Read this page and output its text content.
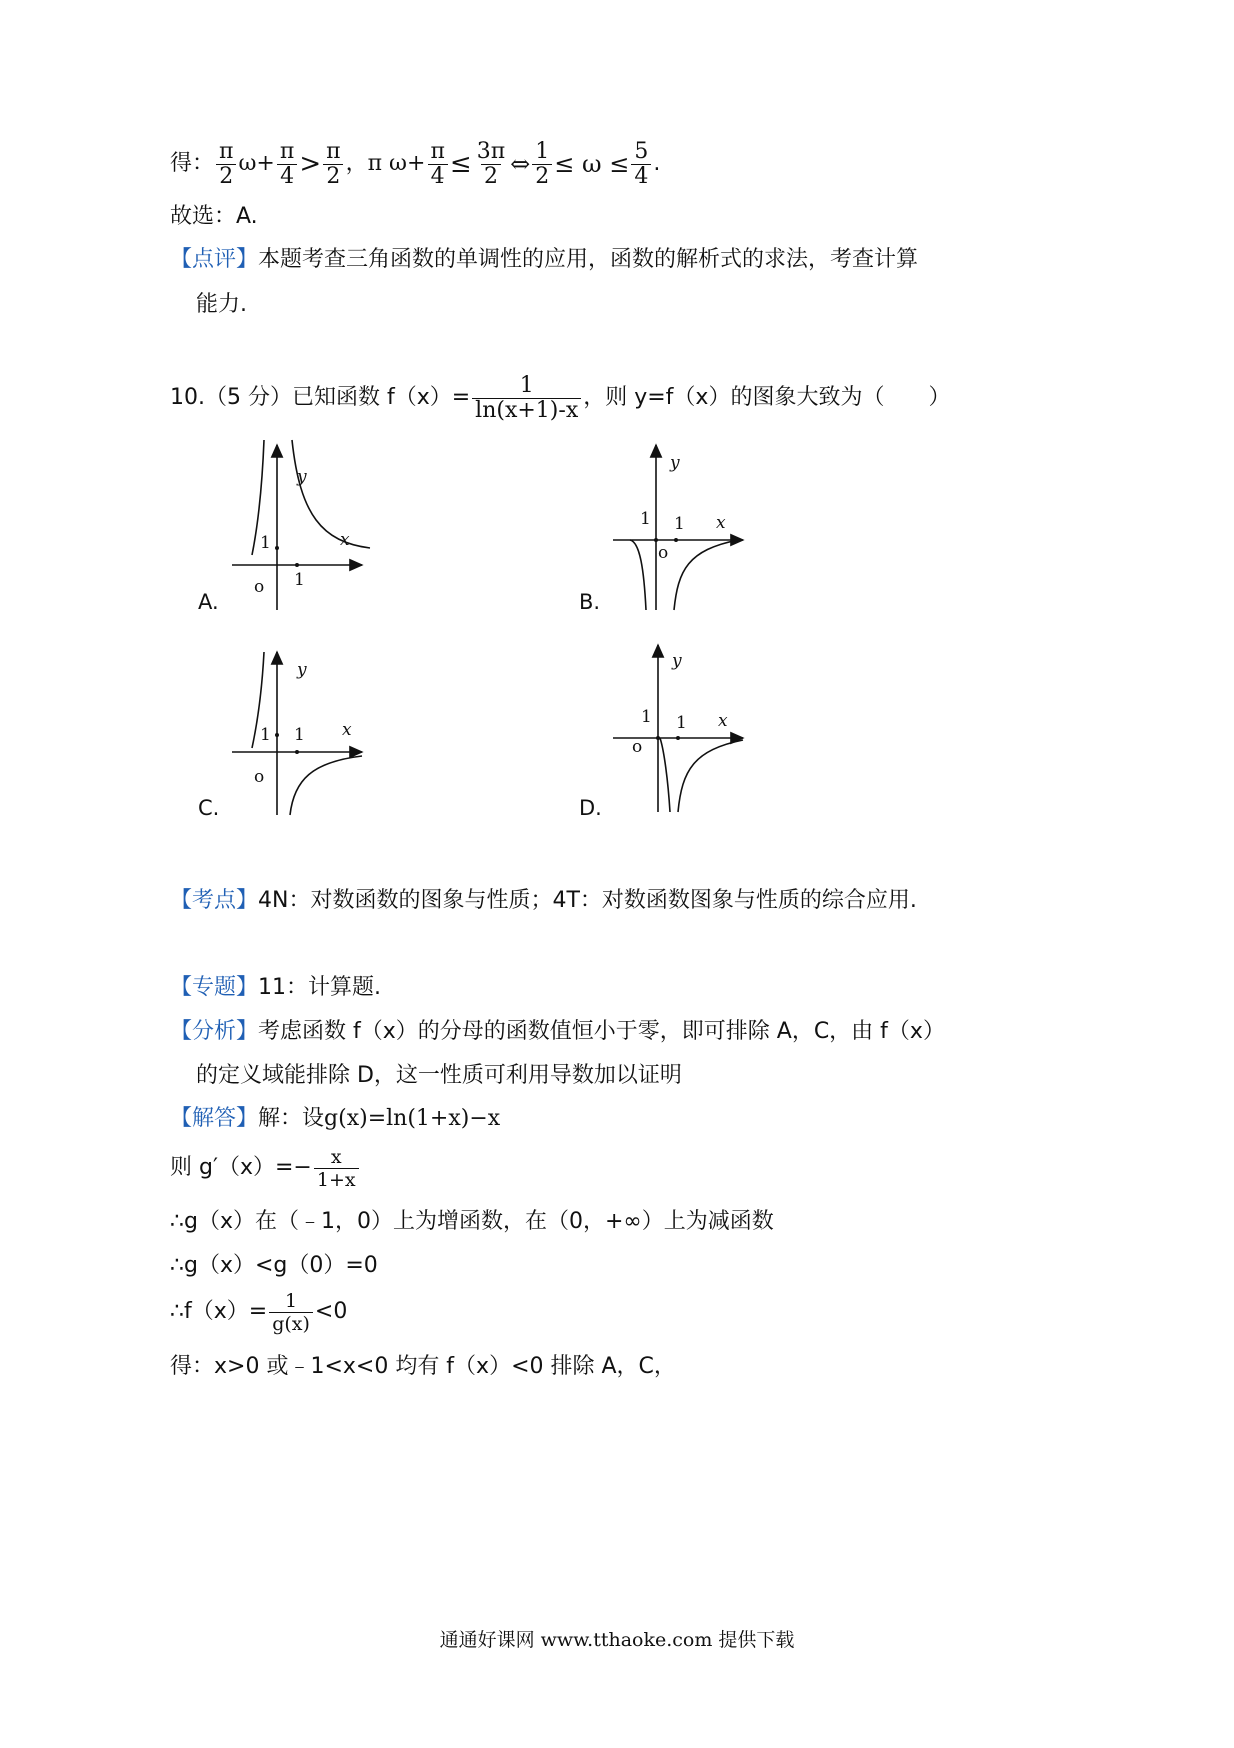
得： $\frac{\pi}{2} \omega+ \frac{\pi}{4} > \frac{\pi}{2}$ ， π $\omega+ \frac{\pi}{4} \le \frac{3\pi}{2}$ ⇔ $\frac{1}{2} \le \omega \le \frac{5}{4}$ .
故选：A.
【点评】本题考查三角函数的单调性的应用，函数的解析式的求法，考查计算
能力.
10.（5 分）已知函数 $f(x)= \frac{1}{\ln(x+1)-x}$ ，则 y=f（x）的图象大致为（　　）
y
x
1
1
o
A.
y
x
1 1
o
B.
y
x
1 1
o
C.
y
x
1 1
o
D.
【考点】4N：对数函数的图象与性质；4T：对数函数图象与性质的综合应用.
【专题】11：计算题.
【分析】考虑函数 f（x）的分母的函数值恒小于零，即可排除 A，C，由 f（x）
的定义域能排除 D，这一性质可利用导数加以证明
【解答】解：设g(x)=ln(1+x)−x
则 $g'(x)= - \frac{x}{1+x}$
∴g（x）在（﹣1，0）上为增函数，在（0，+∞）上为减函数
∴g（x）<g（0）=0
∴f（x）= $\frac{1}{g(x)} <0$
得：x>0 或﹣1<x<0 均有 f（x）<0 排除 A，C，
通通好课网 www.tthaoke.com 提供下载
